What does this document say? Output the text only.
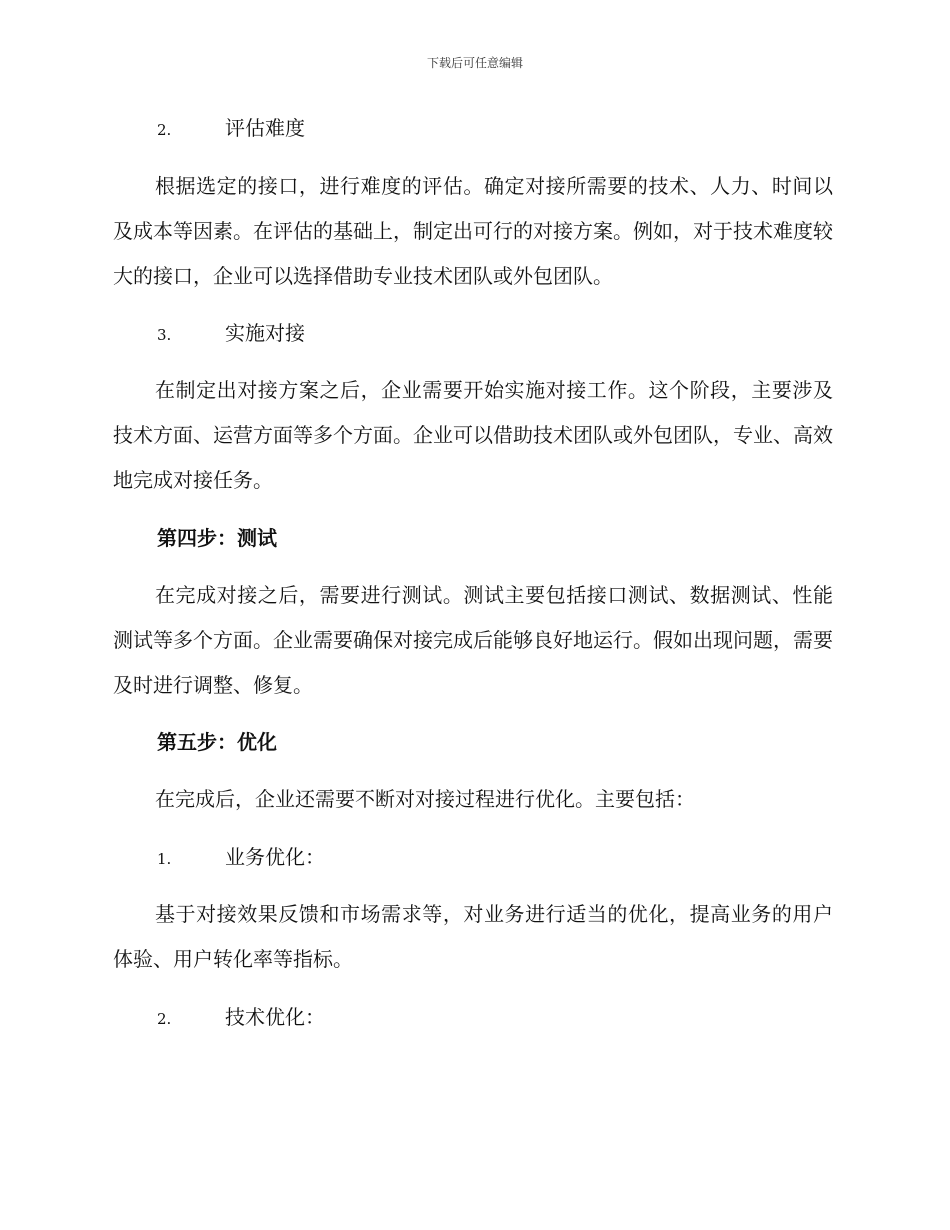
下载后可任意编辑
2.	评估难度

根据选定的接口，进行难度的评估。确定对接所需要的技术、人力、时间以及成本等因素。在评估的基础上，制定出可行的对接方案。例如，对于技术难度较大的接口，企业可以选择借助专业技术团队或外包团队。

3.	实施对接

在制定出对接方案之后，企业需要开始实施对接工作。这个阶段，主要涉及技术方面、运营方面等多个方面。企业可以借助技术团队或外包团队，专业、高效地完成对接任务。

第四步：测试

在完成对接之后，需要进行测试。测试主要包括接口测试、数据测试、性能测试等多个方面。企业需要确保对接完成后能够良好地运行。假如出现问题，需要及时进行调整、修复。

第五步：优化

在完成后，企业还需要不断对对接过程进行优化。主要包括：

1.	业务优化：

基于对接效果反馈和市场需求等，对业务进行适当的优化，提高业务的用户体验、用户转化率等指标。

2.	技术优化：
